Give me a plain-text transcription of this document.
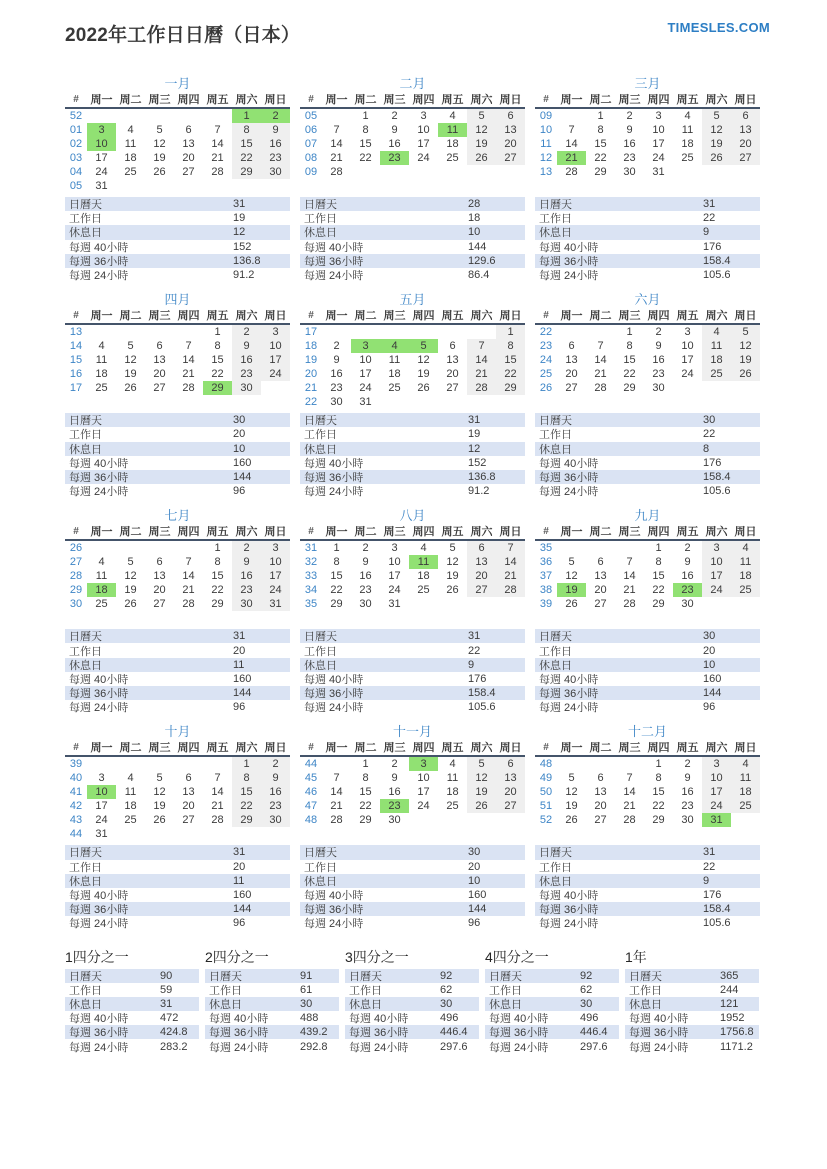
2022年工作日日曆（日本）	TIMESLES.COM
一月
#	周一	周二	周三	周四	周五	周六	周日

52						1	2
01	3	4	5	6	7	8	9
02	10	11	12	13	14	15	16
03	17	18	19	20	21	22	23
04	24	25	26	27	28	29	30
05	31						
日曆天	31
工作日	19
休息日	12
每週 40小時	152
每週 36小時	136.8
每週 24小時	91.2
二月
#	周一	周二	周三	周四	周五	周六	周日

05		1	2	3	4	5	6
06	7	8	9	10	11	12	13
07	14	15	16	17	18	19	20
08	21	22	23	24	25	26	27
09	28						
日曆天	28
工作日	18
休息日	10
每週 40小時	144
每週 36小時	129.6
每週 24小時	86.4
三月
#	周一	周二	周三	周四	周五	周六	周日

09		1	2	3	4	5	6
10	7	8	9	10	11	12	13
11	14	15	16	17	18	19	20
12	21	22	23	24	25	26	27
13	28	29	30	31			
日曆天	31
工作日	22
休息日	9
每週 40小時	176
每週 36小時	158.4
每週 24小時	105.6
四月
#	周一	周二	周三	周四	周五	周六	周日

13					1	2	3
14	4	5	6	7	8	9	10
15	11	12	13	14	15	16	17
16	18	19	20	21	22	23	24
17	25	26	27	28	29	30	
日曆天	30
工作日	20
休息日	10
每週 40小時	160
每週 36小時	144
每週 24小時	96
五月
#	周一	周二	周三	周四	周五	周六	周日

17							1
18	2	3	4	5	6	7	8
19	9	10	11	12	13	14	15
20	16	17	18	19	20	21	22
21	23	24	25	26	27	28	29
22	30	31					
日曆天	31
工作日	19
休息日	12
每週 40小時	152
每週 36小時	136.8
每週 24小時	91.2
六月
#	周一	周二	周三	周四	周五	周六	周日

22			1	2	3	4	5
23	6	7	8	9	10	11	12
24	13	14	15	16	17	18	19
25	20	21	22	23	24	25	26
26	27	28	29	30			
日曆天	30
工作日	22
休息日	8
每週 40小時	176
每週 36小時	158.4
每週 24小時	105.6
七月
#	周一	周二	周三	周四	周五	周六	周日

26					1	2	3
27	4	5	6	7	8	9	10
28	11	12	13	14	15	16	17
29	18	19	20	21	22	23	24
30	25	26	27	28	29	30	31
日曆天	31
工作日	20
休息日	11
每週 40小時	160
每週 36小時	144
每週 24小時	96
八月
#	周一	周二	周三	周四	周五	周六	周日

31	1	2	3	4	5	6	7
32	8	9	10	11	12	13	14
33	15	16	17	18	19	20	21
34	22	23	24	25	26	27	28
35	29	30	31				
日曆天	31
工作日	22
休息日	9
每週 40小時	176
每週 36小時	158.4
每週 24小時	105.6
九月
#	周一	周二	周三	周四	周五	周六	周日

35				1	2	3	4
36	5	6	7	8	9	10	11
37	12	13	14	15	16	17	18
38	19	20	21	22	23	24	25
39	26	27	28	29	30		
日曆天	30
工作日	20
休息日	10
每週 40小時	160
每週 36小時	144
每週 24小時	96
十月
#	周一	周二	周三	周四	周五	周六	周日

39						1	2
40	3	4	5	6	7	8	9
41	10	11	12	13	14	15	16
42	17	18	19	20	21	22	23
43	24	25	26	27	28	29	30
44	31						
日曆天	31
工作日	20
休息日	11
每週 40小時	160
每週 36小時	144
每週 24小時	96
十一月
#	周一	周二	周三	周四	周五	周六	周日

44		1	2	3	4	5	6
45	7	8	9	10	11	12	13
46	14	15	16	17	18	19	20
47	21	22	23	24	25	26	27
48	28	29	30				
日曆天	30
工作日	20
休息日	10
每週 40小時	160
每週 36小時	144
每週 24小時	96
十二月
#	周一	周二	周三	周四	周五	周六	周日

48				1	2	3	4
49	5	6	7	8	9	10	11
50	12	13	14	15	16	17	18
51	19	20	21	22	23	24	25
52	26	27	28	29	30	31	
日曆天	31
工作日	22
休息日	9
每週 40小時	176
每週 36小時	158.4
每週 24小時	105.6
1四分之一
日曆天	90
工作日	59
休息日	31
每週 40小時	472
每週 36小時	424.8
每週 24小時	283.2
2四分之一
日曆天	91
工作日	61
休息日	30
每週 40小時	488
每週 36小時	439.2
每週 24小時	292.8
3四分之一
日曆天	92
工作日	62
休息日	30
每週 40小時	496
每週 36小時	446.4
每週 24小時	297.6
4四分之一
日曆天	92
工作日	62
休息日	30
每週 40小時	496
每週 36小時	446.4
每週 24小時	297.6
1年
日曆天	365
工作日	244
休息日	121
每週 40小時	1952
每週 36小時	1756.8
每週 24小時	1171.2
